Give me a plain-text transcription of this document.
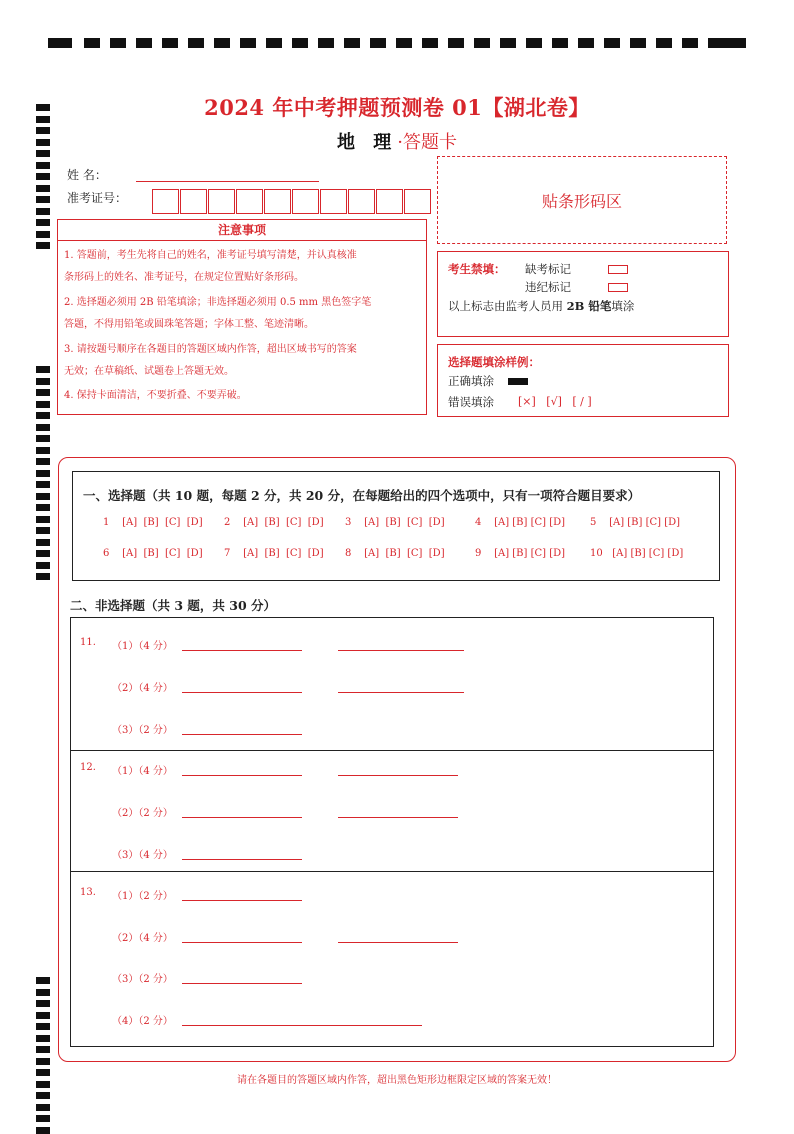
2024 年中考押题预测卷 01【湖北卷】
地 理·答题卡
姓 名：
准考证号：	贴条形码区
注意事项
1. 答题前，考生先将自己的姓名，准考证号填写清楚，并认真核准
条形码上的姓名、准考证号，在规定位置贴好条形码。
2. 选择题必须用 2B 铅笔填涂；非选择题必须用 0.5 mm 黑色签字笔
答题，不得用铅笔或圆珠笔答题；字体工整、笔迹清晰。
3. 请按题号顺序在各题目的答题区域内作答，超出区域书写的答案
无效；在草稿纸、试题卷上答题无效。
4. 保持卡面清洁，不要折叠、不要弄破。
考生禁填： 缺考标记
违纪标记
以上标志由监考人员用 2B 铅笔填涂
选择题填涂样例：
正确填涂
错误填涂 [×]   [√]   [ / ]
一、选择题（共 10 题，每题 2 分，共 20 分，在每题给出的四个选项中，只有一项符合题目要求）
1    [A]  [B]  [C]  [D] 2    [A]  [B]  [C]  [D] 3    [A]  [B]  [C]  [D]	4    [A] [B] [C] [D] 5    [A] [B] [C] [D]
6    [A]  [B]  [C]  [D] 7    [A]  [B]  [C]  [D] 8    [A]  [B]  [C]  [D]	9    [A] [B] [C] [D] 10   [A] [B] [C] [D]
二、非选择题（共 3 题，共 30 分）
11. （1）（4 分）
（2）（4 分）
（3）（2 分）
12. （1）（4 分）
（2）（2 分）
（3）（4 分）
13. （1）（2 分）
（2）（4 分）
（3）（2 分）
（4）（2 分）
请在各题目的答题区域内作答，超出黑色矩形边框限定区域的答案无效！
